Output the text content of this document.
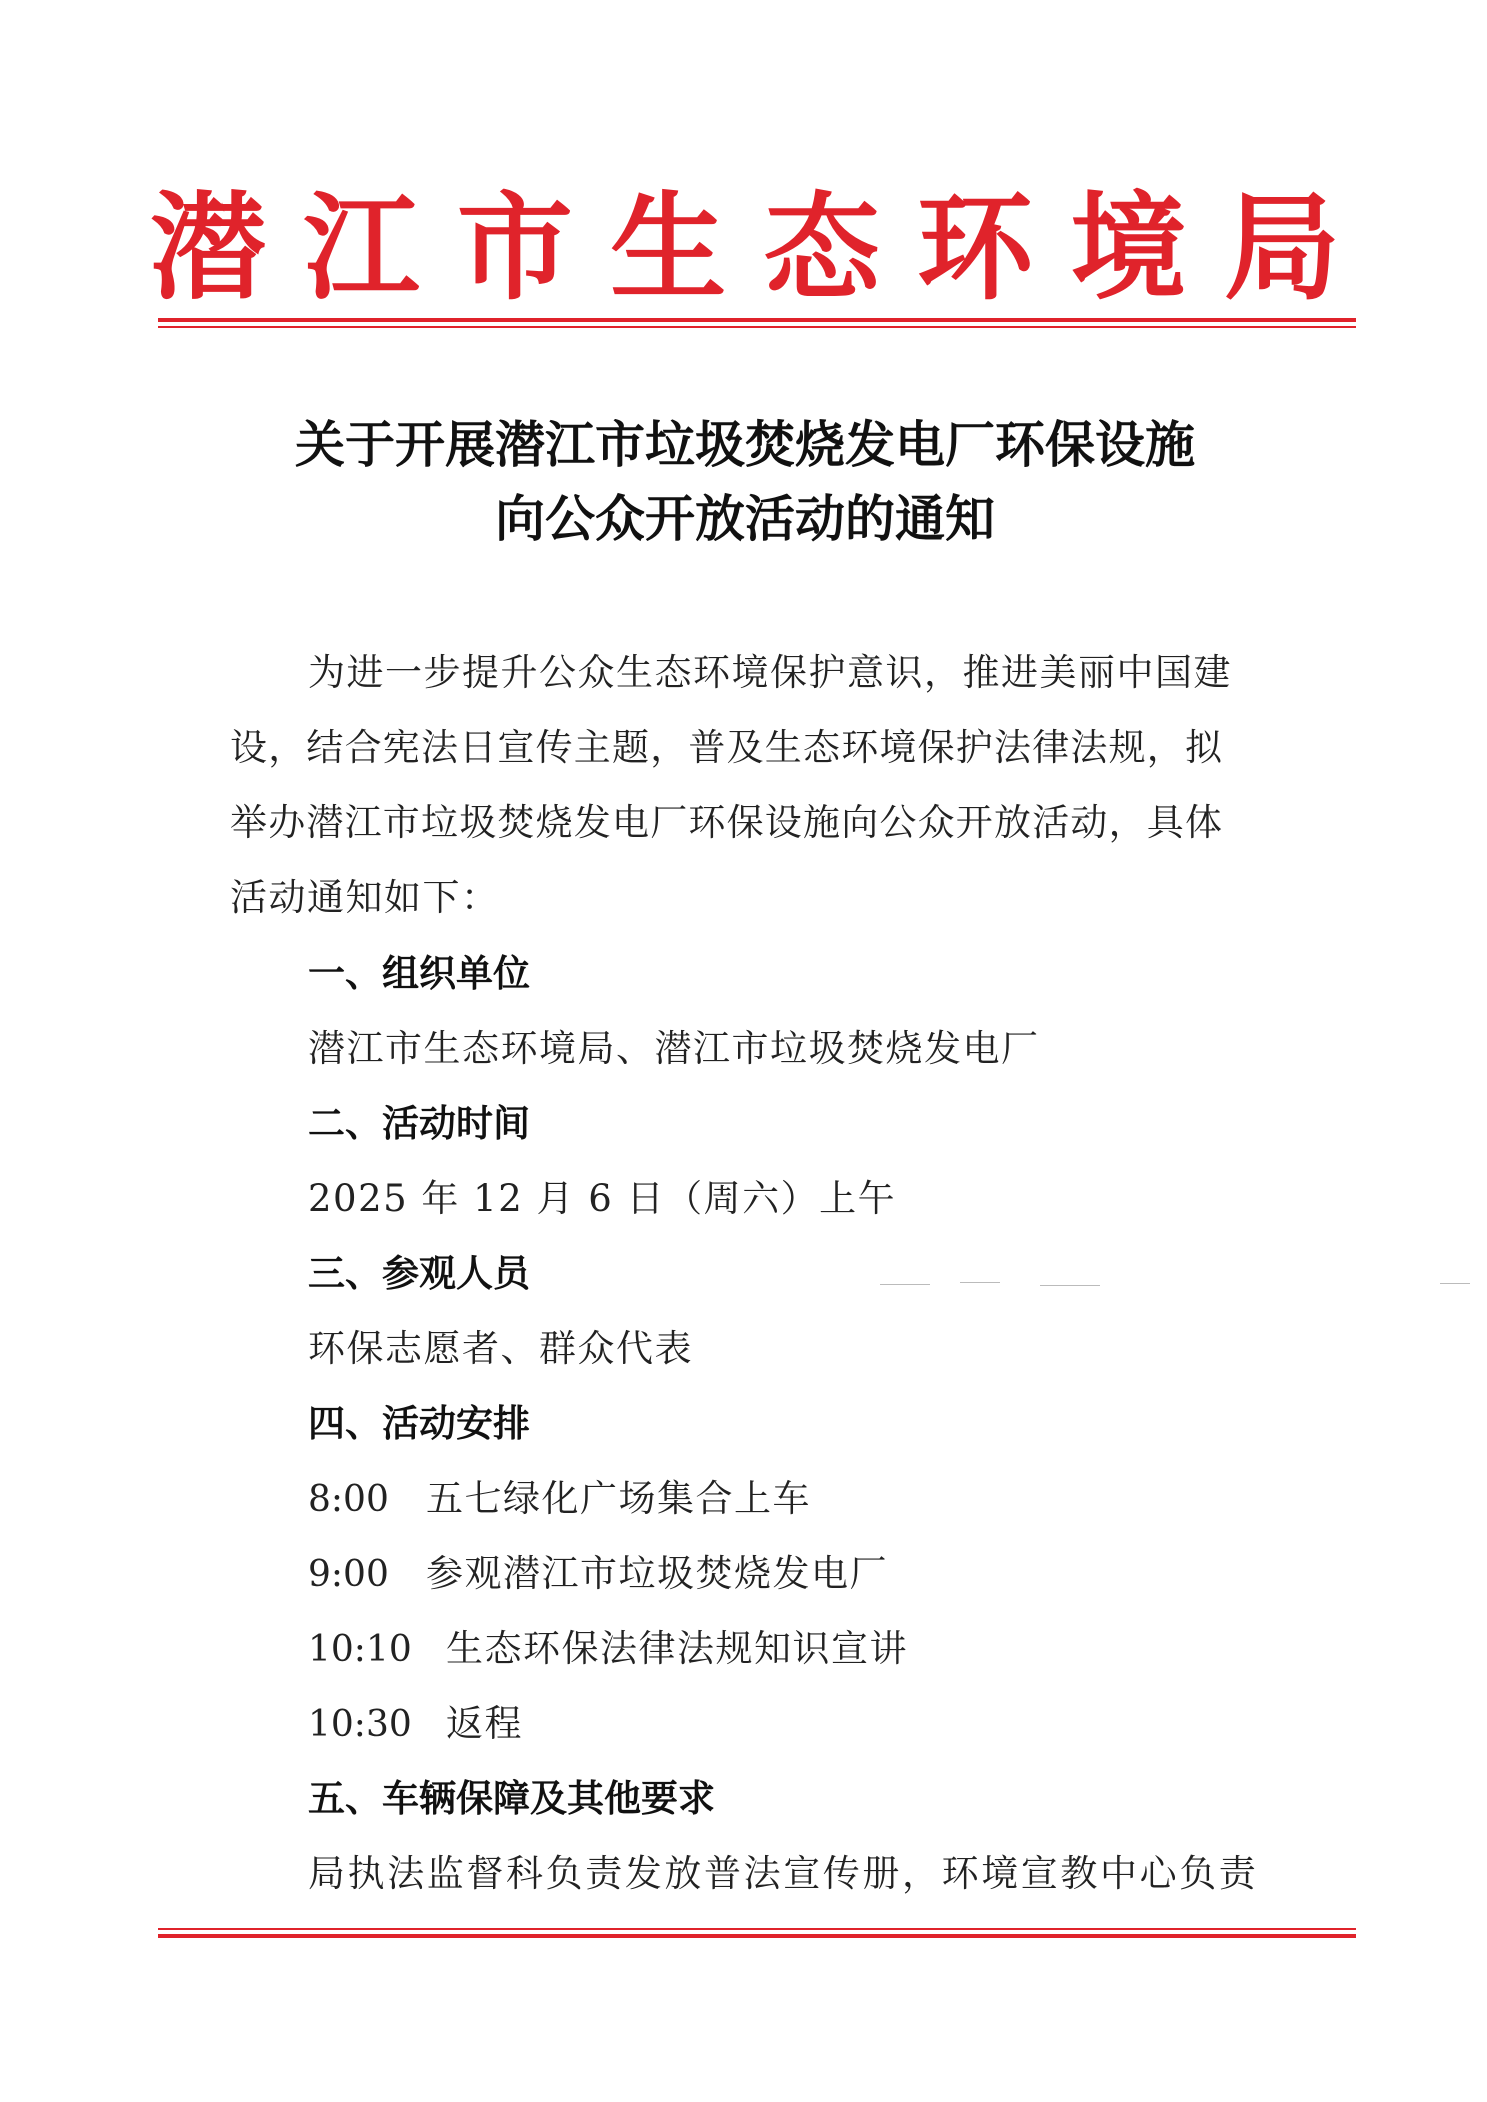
潜 江 市 生 态 环 境 局
关于开展潜江市垃圾焚烧发电厂环保设施
向公众开放活动的通知
为进一步提升公众生态环境保护意识，推进美丽中国建
设，结合宪法日宣传主题，普及生态环境保护法律法规，拟
举办潜江市垃圾焚烧发电厂环保设施向公众开放活动，具体
活动通知如下：
一、组织单位
潜江市生态环境局、潜江市垃圾焚烧发电厂
二、活动时间
2025 年 12 月 6 日（周六）上午
三、参观人员
环保志愿者、群众代表
四、活动安排
8:00 五七绿化广场集合上车
9:00 参观潜江市垃圾焚烧发电厂
10:10 生态环保法律法规知识宣讲
10:30 返程
五、车辆保障及其他要求
局执法监督科负责发放普法宣传册，环境宣教中心负责
